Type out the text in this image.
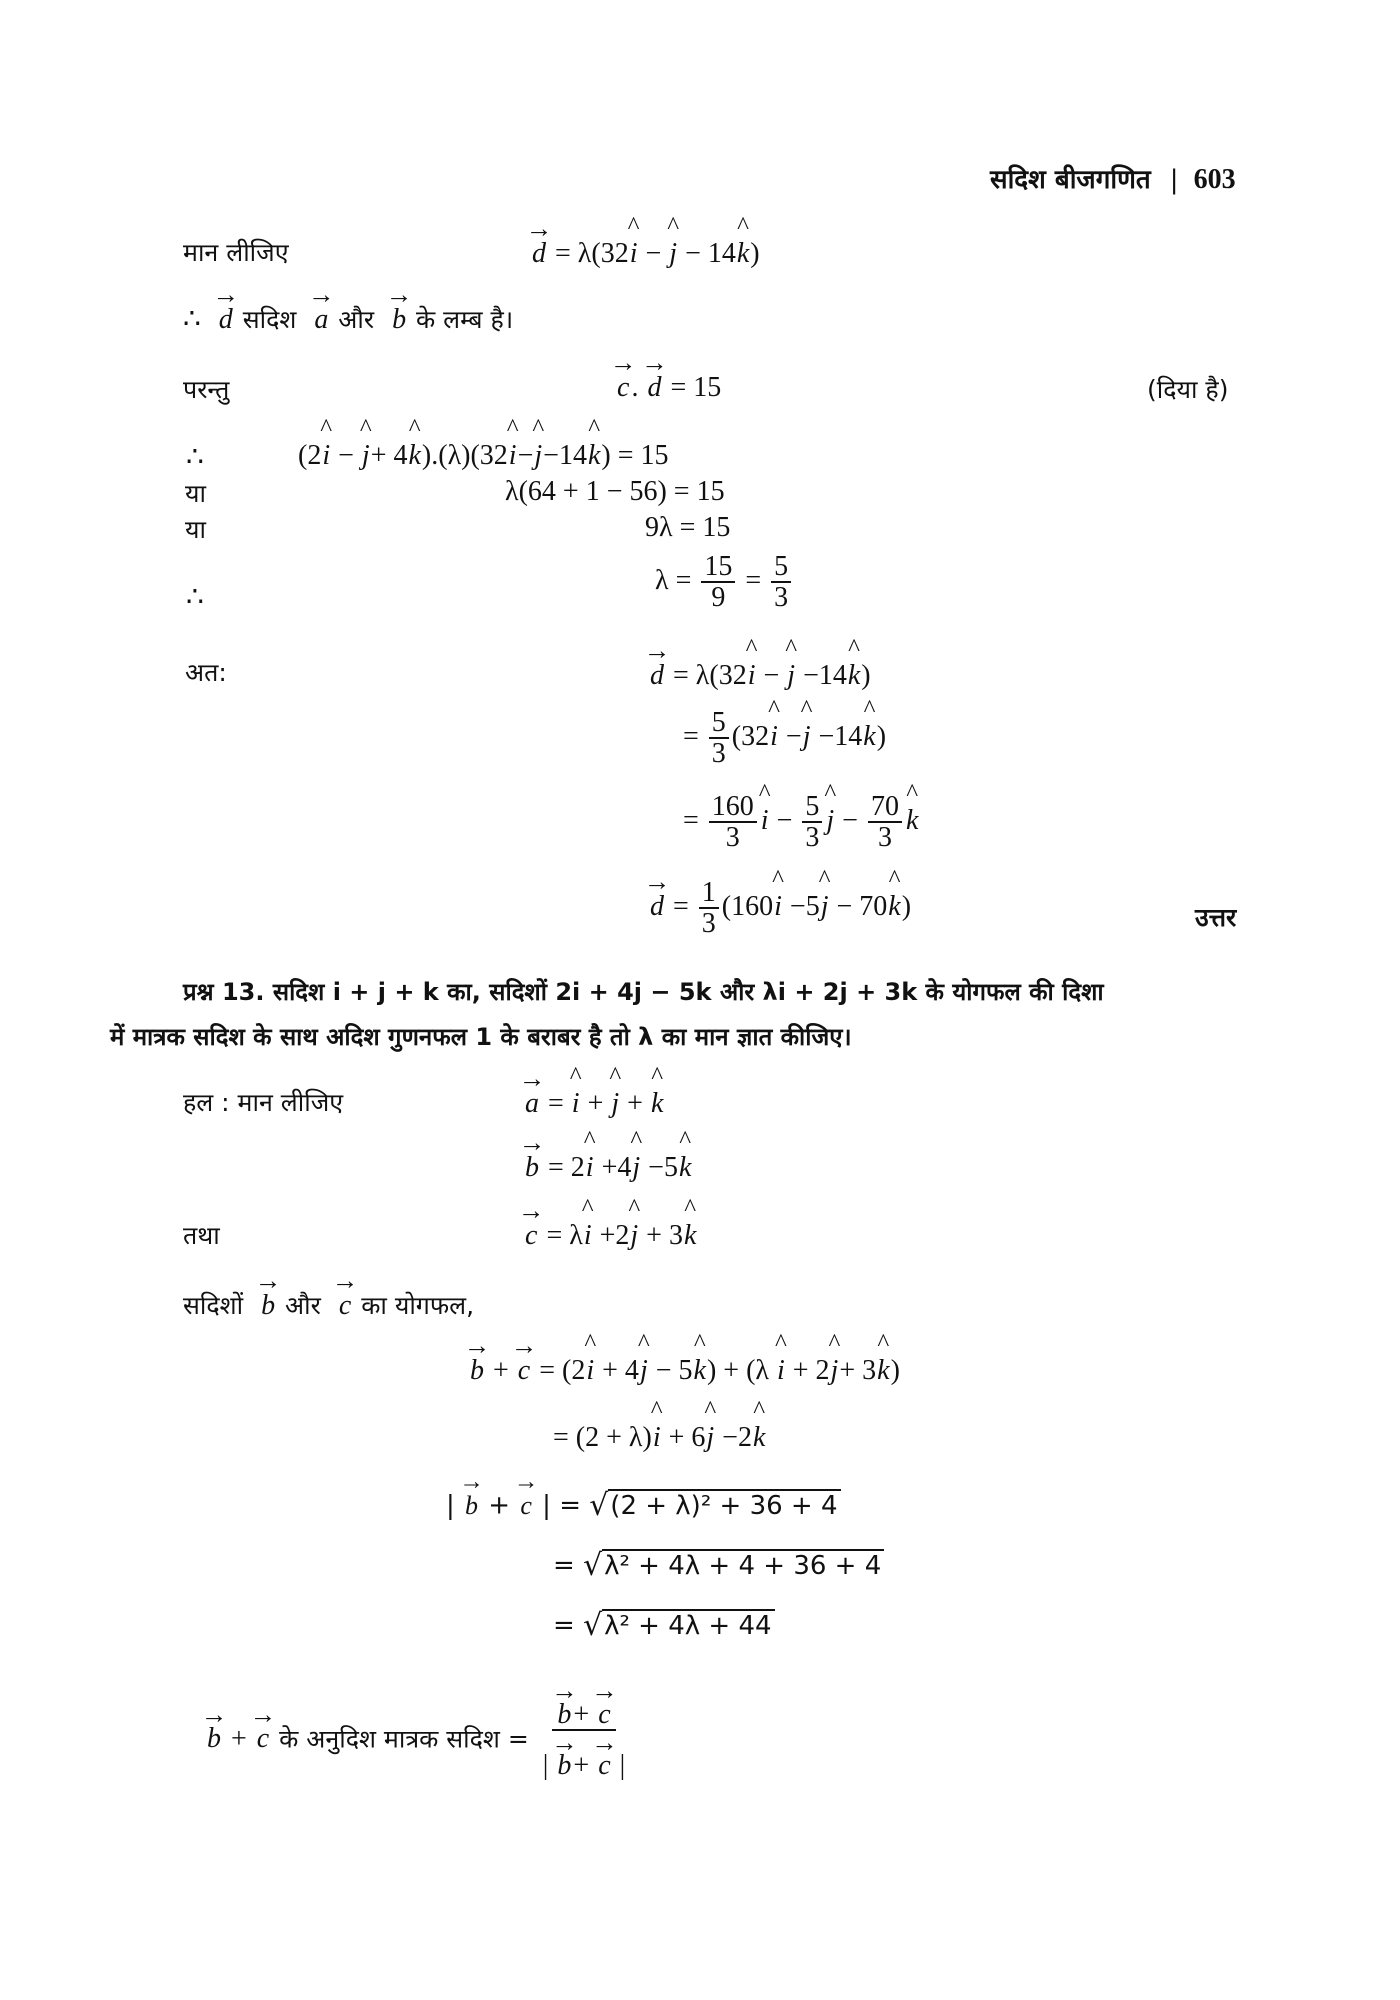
सदिश बीजगणित | 603
मान लीजिए	→ d = λ(32^ i − ^ j − 14^ k)
∴ → d सदिश → a और → b के लम्ब है।
परन्तु	→ c. → d = 15	(दिया है)
∴	(2^ i − ^ j+ 4^ k).(λ)(32^ i−^ j−14^ k) = 15
या	λ(64 + 1 − 56) = 15
या	9λ = 15
∴
$\lambda = \frac{15}{9} = \frac{5}{3}$
अत:	→ d = λ(32^ i − ^ j −14^ k)
= $\frac{5}{3}$ (32^ i −^ j −14^ k)
= $\frac{160}{3}$ ^ $i - \frac{5}{3}$ ^ $j - \frac{70}{3}$ ^ k
→ $d = \frac{1}{3}$ (160^ i −5^ j − 70^ k)	उत्तर
प्रश्न 13. सदिश i + j + k का, सदिशों 2i + 4j − 5k और λi + 2j + 3k के योगफल की दिशा
में मात्रक सदिश के साथ अदिश गुणनफल 1 के बराबर है तो λ का मान ज्ञात कीजिए।
हल : मान लीजिए	→ a = ^ i + ^ j + ^ k
→ b = 2^ i +4^ j −5^ k
तथा	→ c = λ^ i +2^ j + 3^ k
सदिशों → b और → c का योगफल,
→ b + → c = (2^ i + 4^ j − 5^ k) + (λ ^ i + 2^ j+ 3^ k)
= (2 + λ)^ i + 6^ j −2^ k
| → b + → c | = √(2 + λ)² + 36 + 4
= √λ² + 4λ + 4 + 36 + 4
= √λ² + 4λ + 44
→ b + → c के अनुदिश मात्रक सदिश = → $\frac{b+ \to c}{| \to b+ \to c |}$
